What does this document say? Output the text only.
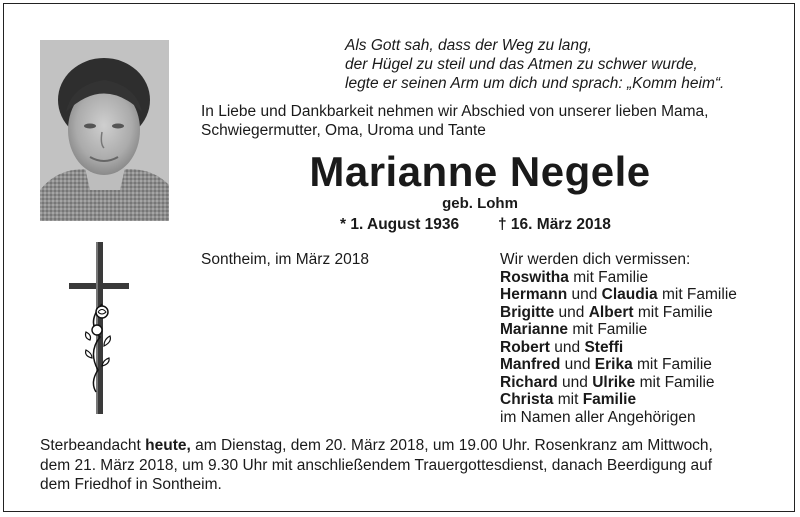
Als Gott sah, dass der Weg zu lang,
der Hügel zu steil und das Atmen zu schwer wurde,
legte er seinen Arm um dich und sprach: „Komm heim“.
In Liebe und Dankbarkeit nehmen wir Abschied von unserer lieben Mama,
Schwiegermutter, Oma, Uroma und Tante
Marianne Negele
geb. Lohm
* 1. August 1936	† 16. März 2018
Sontheim, im März 2018	Wir werden dich vermissen:
Roswitha mit Familie
Hermann und Claudia mit Familie
Brigitte und Albert mit Familie
Marianne mit Familie
Robert und Steffi
Manfred und Erika mit Familie
Richard und Ulrike mit Familie
Christa mit Familie
im Namen aller Angehörigen
Sterbeandacht heute, am Dienstag, dem 20. März 2018, um 19.00 Uhr. Rosenkranz am Mittwoch,
dem 21. März 2018, um 9.30 Uhr mit anschließendem Trauergottesdienst, danach Beerdigung auf
dem Friedhof in Sontheim.
